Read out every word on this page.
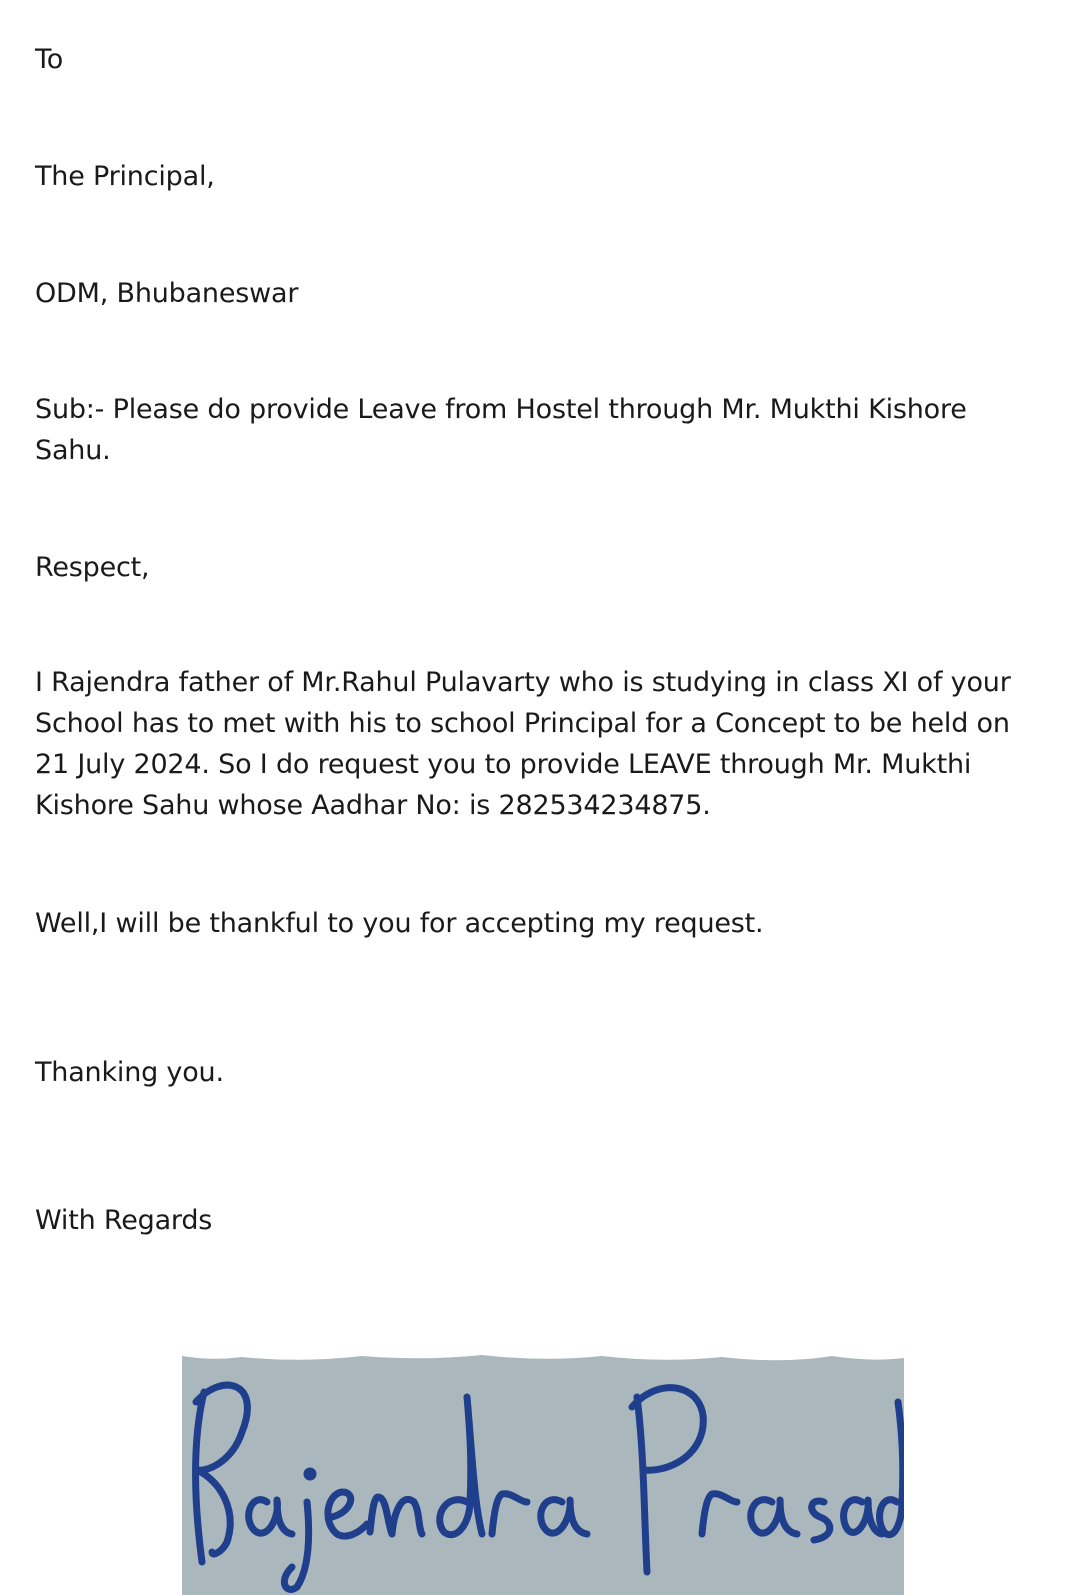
To
The Principal,
ODM, Bhubaneswar
Sub:- Please do provide Leave from Hostel through Mr. Mukthi Kishore Sahu.
Respect,
I Rajendra father of Mr.Rahul Pulavarty who is studying in class XI of your School has to met with his to school Principal for a Concept to be held on 21 July 2024. So I do request you to provide LEAVE through Mr. Mukthi Kishore Sahu whose Aadhar No: is 282534234875.
Well,I will be thankful to you for accepting my request.
Thanking you.
With Regards
